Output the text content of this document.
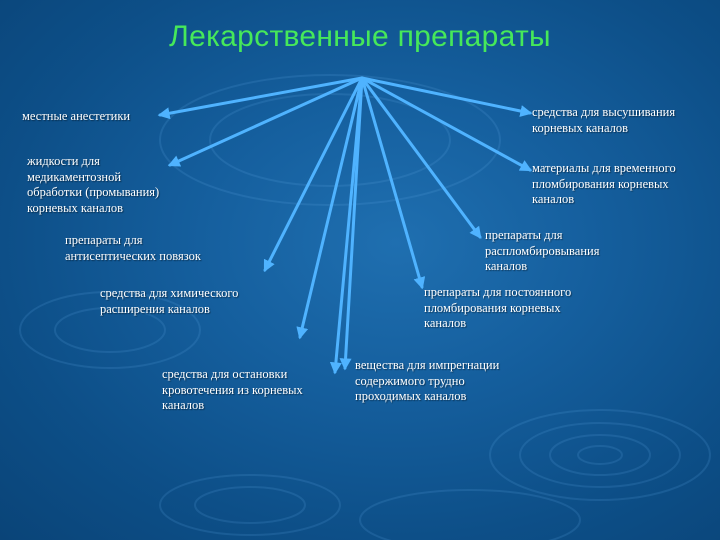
Лекарственные препараты
местные анестетики	средства для высушивания
корневых каналов
жидкости для
медикаментозной
обработки (промывания)
корневых каналов
материалы для временного
пломбирования корневых
каналов
препараты для
антисептических повязок
препараты для
распломбировывания
каналов
средства для химического
расширения каналов
препараты для постоянного
пломбирования корневых
каналов
средства для остановки
кровотечения из корневых
каналов
вещества для импрегнации
содержимого трудно
проходимых каналов
